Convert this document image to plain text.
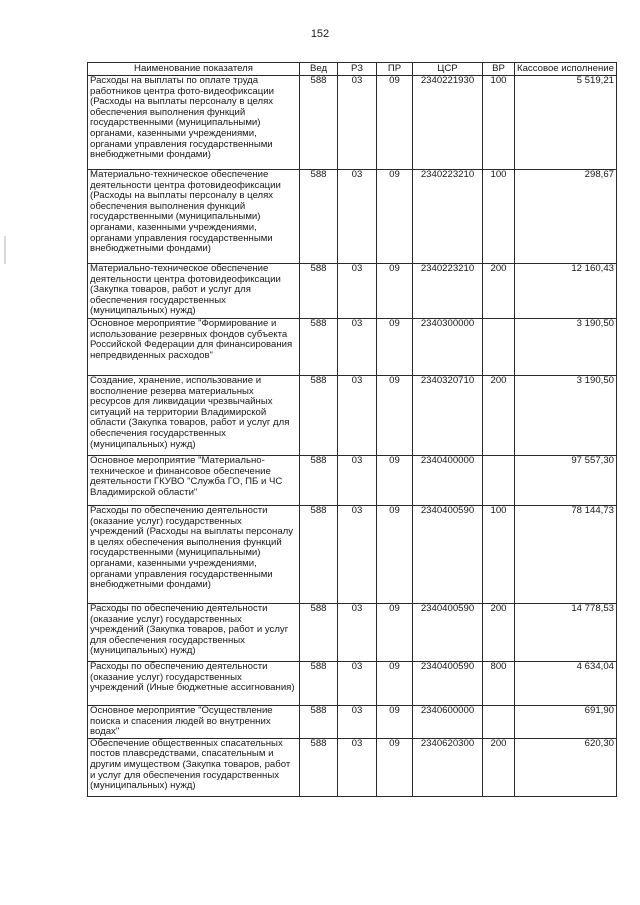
152
Наименование показателя	Вед	РЗ	ПР	ЦСР	ВР	Кассовое исполнение
Расходы на выплаты по оплате труда работников центра фото-видеофиксации (Расходы на выплаты персоналу в целях обеспечения выполнения функций государственными (муниципальными) органами, казенными учреждениями, органами управления государственными внебюджетными фондами)	588	03	09	2340221930	100	5 519,21
Материально-техническое обеспечение деятельности центра фотовидеофиксации (Расходы на выплаты персоналу в целях обеспечения выполнения функций государственными (муниципальными) органами, казенными учреждениями, органами управления государственными внебюджетными фондами)	588	03	09	2340223210	100	298,67
Материально-техническое обеспечение деятельности центра фотовидеофиксации (Закупка товаров, работ и услуг для обеспечения государственных (муниципальных) нужд)	588	03	09	2340223210	200	12 160,43
Основное мероприятие "Формирование и использование резервных фондов субъекта Российской Федерации для финансирования непредвиденных расходов"	588	03	09	2340300000		3 190,50
Создание, хранение, использование и восполнение резерва материальных ресурсов для ликвидации чрезвычайных ситуаций на территории Владимирской области (Закупка товаров, работ и услуг для обеспечения государственных (муниципальных) нужд)	588	03	09	2340320710	200	3 190,50
Основное мероприятие "Материально-техническое и финансовое обеспечение деятельности ГКУВО "Служба ГО, ПБ и ЧС Владимирской области"	588	03	09	2340400000		97 557,30
Расходы по обеспечению деятельности (оказание услуг) государственных учреждений (Расходы на выплаты персоналу в целях обеспечения выполнения функций государственными (муниципальными) органами, казенными учреждениями, органами управления государственными внебюджетными фондами)	588	03	09	2340400590	100	78 144,73
Расходы по обеспечению деятельности (оказание услуг) государственных учреждений (Закупка товаров, работ и услуг для обеспечения государственных (муниципальных) нужд)	588	03	09	2340400590	200	14 778,53
Расходы по обеспечению деятельности (оказание услуг) государственных учреждений (Иные бюджетные ассигнования)	588	03	09	2340400590	800	4 634,04
Основное мероприятие "Осуществление поиска и спасения людей во внутренних водах"	588	03	09	2340600000		691,90
Обеспечение общественных спасательных постов плавсредствами, спасательным и другим имуществом (Закупка товаров, работ и услуг для обеспечения государственных (муниципальных) нужд)	588	03	09	2340620300	200	620,30
